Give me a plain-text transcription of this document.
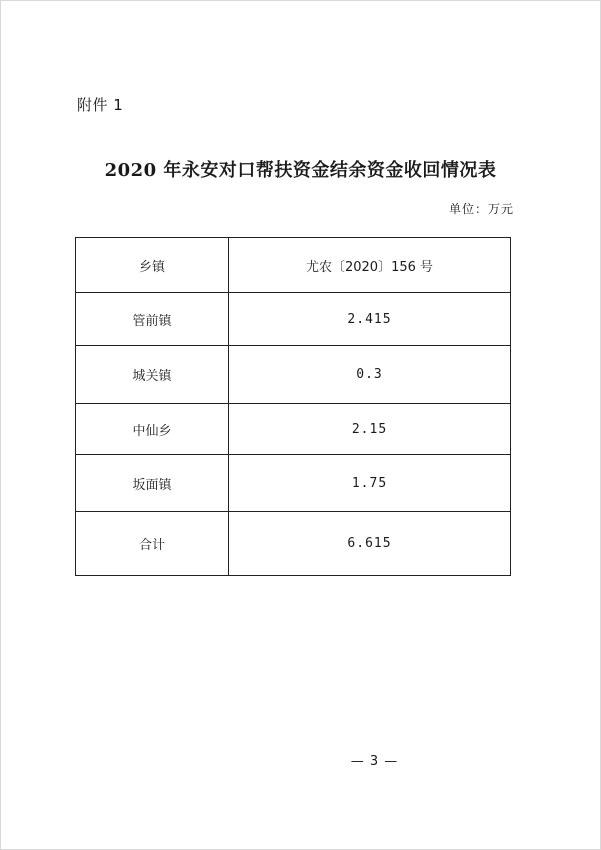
附件 1
2020 年永安对口帮扶资金结余资金收回情况表
单位：万元
乡镇	尤农〔2020〕156 号
管前镇	2.415
城关镇	0.3
中仙乡	2.15
坂面镇	1.75
合计	6.615
— 3 —
